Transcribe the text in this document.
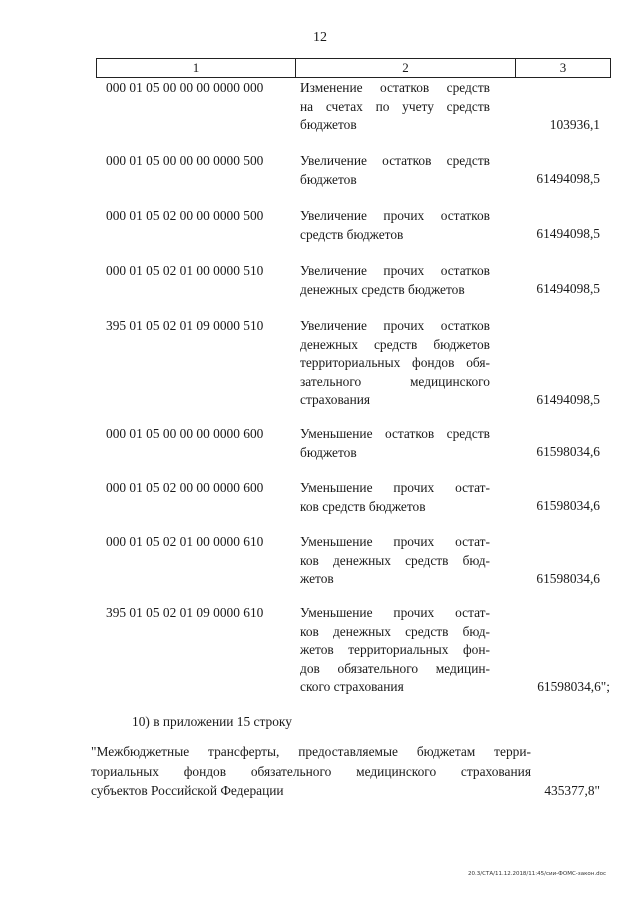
12
1	2	3
000 01 05 00 00 00 0000 000	Изменение остатков средств
на счетах по учету средств
бюджетов	103936,1
000 01 05 00 00 00 0000 500	Увеличение остатков средств
бюджетов	61494098,5
000 01 05 02 00 00 0000 500	Увеличение прочих остатков
средств бюджетов	61494098,5
000 01 05 02 01 00 0000 510	Увеличение прочих остатков
денежных средств бюджетов	61494098,5
395 01 05 02 01 09 0000 510	Увеличение прочих остатков
денежных средств бюджетов
территориальных фондов обя-
зательного медицинского
страхования	61494098,5
000 01 05 00 00 00 0000 600	Уменьшение остатков средств
бюджетов	61598034,6
000 01 05 02 00 00 0000 600	Уменьшение прочих остат-
ков средств бюджетов	61598034,6
000 01 05 02 01 00 0000 610	Уменьшение прочих остат-
ков денежных средств бюд-
жетов	61598034,6
395 01 05 02 01 09 0000 610	Уменьшение прочих остат-
ков денежных средств бюд-
жетов территориальных фон-
дов обязательного медицин-
ского страхования	61598034,6";
10) в приложении 15 строку
"Межбюджетные трансферты, предоставляемые бюджетам терри-
ториальных фондов обязательного медицинского страхования
субъектов Российской Федерации	435377,8"
20.3/СТА/11.12.2018/11:45/сии-ФОМС-закон.doc
